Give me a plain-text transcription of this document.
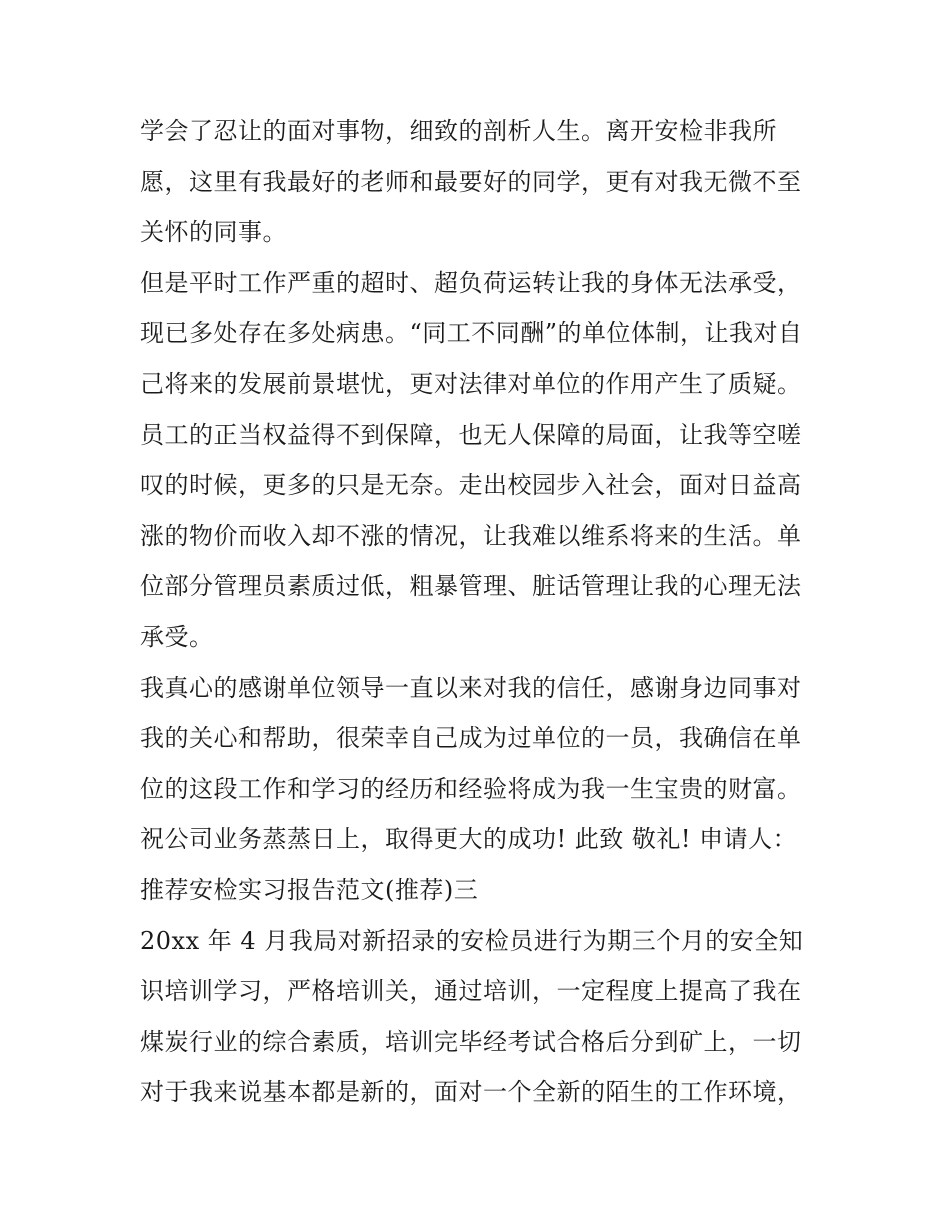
学会了忍让的面对事物，细致的剖析人生。离开安检非我所
愿，这里有我最好的老师和最要好的同学，更有对我无微不至
关怀的同事。
但是平时工作严重的超时、超负荷运转让我的身体无法承受，
现已多处存在多处病患。“同工不同酬”的单位体制，让我对自
己将来的发展前景堪忧，更对法律对单位的作用产生了质疑。
员工的正当权益得不到保障，也无人保障的局面，让我等空嗟
叹的时候，更多的只是无奈。走出校园步入社会，面对日益高
涨的物价而收入却不涨的情况，让我难以维系将来的生活。单
位部分管理员素质过低，粗暴管理、脏话管理让我的心理无法
承受。
我真心的感谢单位领导一直以来对我的信任，感谢身边同事对
我的关心和帮助，很荣幸自己成为过单位的一员，我确信在单
位的这段工作和学习的经历和经验将成为我一生宝贵的财富。
祝公司业务蒸蒸日上，取得更大的成功! 此致 敬礼! 申请人：
推荐安检实习报告范文(推荐)三
20xx 年 4 月我局对新招录的安检员进行为期三个月的安全知
识培训学习，严格培训关，通过培训，一定程度上提高了我在
煤炭行业的综合素质，培训完毕经考试合格后分到矿上，一切
对于我来说基本都是新的，面对一个全新的陌生的工作环境，
